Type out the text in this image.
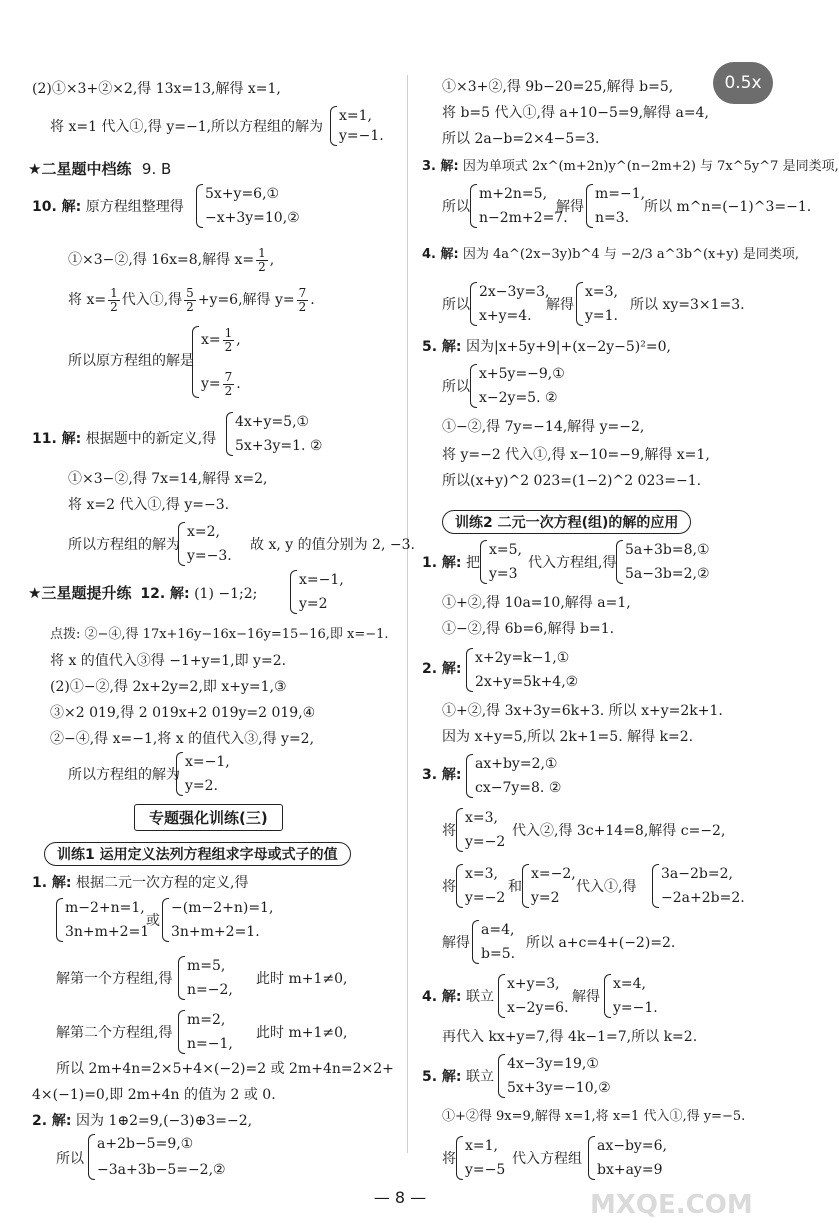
0.5x
(2)①×3+②×2,得 13x=13,解得 x=1,
将 x=1 代入①,得 y=−1,所以方程组的解为
x=1,
y=−1.
★二星题中档练 9. B
10. 解: 原方程组整理得
5x+y=6,①
−x+3y=10,②
①×3−②,得 16x=8,解得 $x= \frac{1}{2}$ ,
将 $x= \frac{1}{2}$ 代入①,得 $\frac{5}{2} +y=6$,解得 $y= \frac{7}{2}$ .
所以原方程组的解是
$x= \frac{1}{2}$ ,
$y= \frac{7}{2}$ .
11. 解: 根据题中的新定义,得
4x+y=5,①
5x+3y=1. ②
①×3−②,得 7x=14,解得 x=2,
将 x=2 代入①,得 y=−3.
所以方程组的解为
x=2,
y=−3.
故 x, y 的值分别为 2, −3.
★三星题提升练 12. 解: (1) −1;2;
x=−1,
y=2
点拨: ②−④,得 17x+16y−16x−16y=15−16,即 x=−1.
将 x 的值代入③得 −1+y=1,即 y=2.
(2)①−②,得 2x+2y=2,即 x+y=1,③
③×2 019,得 2 019x+2 019y=2 019,④
②−④,得 x=−1,将 x 的值代入③,得 y=2,
所以方程组的解为
x=−1,
y=2.
专题强化训练(三)
训练1 运用定义法列方程组求字母或式子的值
1. 解: 根据二元一次方程的定义,得
m−2+n=1,
3n+m+2=1
或
−(m−2+n)=1,
3n+m+2=1.
解第一个方程组,得
m=5,
n=−2,
此时 m+1≠0,
解第二个方程组,得
m=2,
n=−1,
此时 m+1≠0,
所以 2m+4n=2×5+4×(−2)=2 或 2m+4n=2×2+
4×(−1)=0,即 2m+4n 的值为 2 或 0.
2. 解: 因为 1⊕2=9,(−3)⊕3=−2,
所以
a+2b−5=9,①
−3a+3b−5=−2,②
①×3+②,得 9b−20=25,解得 b=5,
将 b=5 代入①,得 a+10−5=9,解得 a=4,
所以 2a−b=2×4−5=3.
3. 解: 因为单项式 2x^(m+2n)y^(n−2m+2) 与 7x^5y^7 是同类项,
所以
m+2n=5,
n−2m+2=7.
解得
m=−1,
n=3.
所以 m^n=(−1)^3=−1.
4. 解: 因为 4a^(2x−3y)b^4 与 −2/3 a^3b^(x+y) 是同类项,
所以
2x−3y=3,
x+y=4.
解得
x=3,
y=1.
所以 xy=3×1=3.
5. 解: 因为|x+5y+9|+(x−2y−5)²=0,
所以
x+5y=−9,①
x−2y=5. ②
①−②,得 7y=−14,解得 y=−2,
将 y=−2 代入①,得 x−10=−9,解得 x=1,
所以(x+y)^2 023=(1−2)^2 023=−1.
训练2 二元一次方程(组)的解的应用
1. 解: 把
x=5,
y=3
代入方程组,得
5a+3b=8,①
5a−3b=2,②
①+②,得 10a=10,解得 a=1,
①−②,得 6b=6,解得 b=1.
2. 解:
x+2y=k−1,①
2x+y=5k+4,②
①+②,得 3x+3y=6k+3. 所以 x+y=2k+1.
因为 x+y=5,所以 2k+1=5. 解得 k=2.
3. 解:
ax+by=2,①
cx−7y=8. ②
将
x=3,
y=−2
代入②,得 3c+14=8,解得 c=−2,
将
x=3,
y=−2
和
x=−2,
y=2
代入①,得
3a−2b=2,
−2a+2b=2.
解得
a=4,
b=5.
所以 a+c=4+(−2)=2.
4. 解: 联立
x+y=3,
x−2y=6.
解得
x=4,
y=−1.
再代入 kx+y=7,得 4k−1=7,所以 k=2.
5. 解: 联立
4x−3y=19,①
5x+3y=−10,②
①+②得 9x=9,解得 x=1,将 x=1 代入①,得 y=−5.
将
x=1,
y=−5
代入方程组
ax−by=6,
bx+ay=9
MXQE.COM
— 8 —
